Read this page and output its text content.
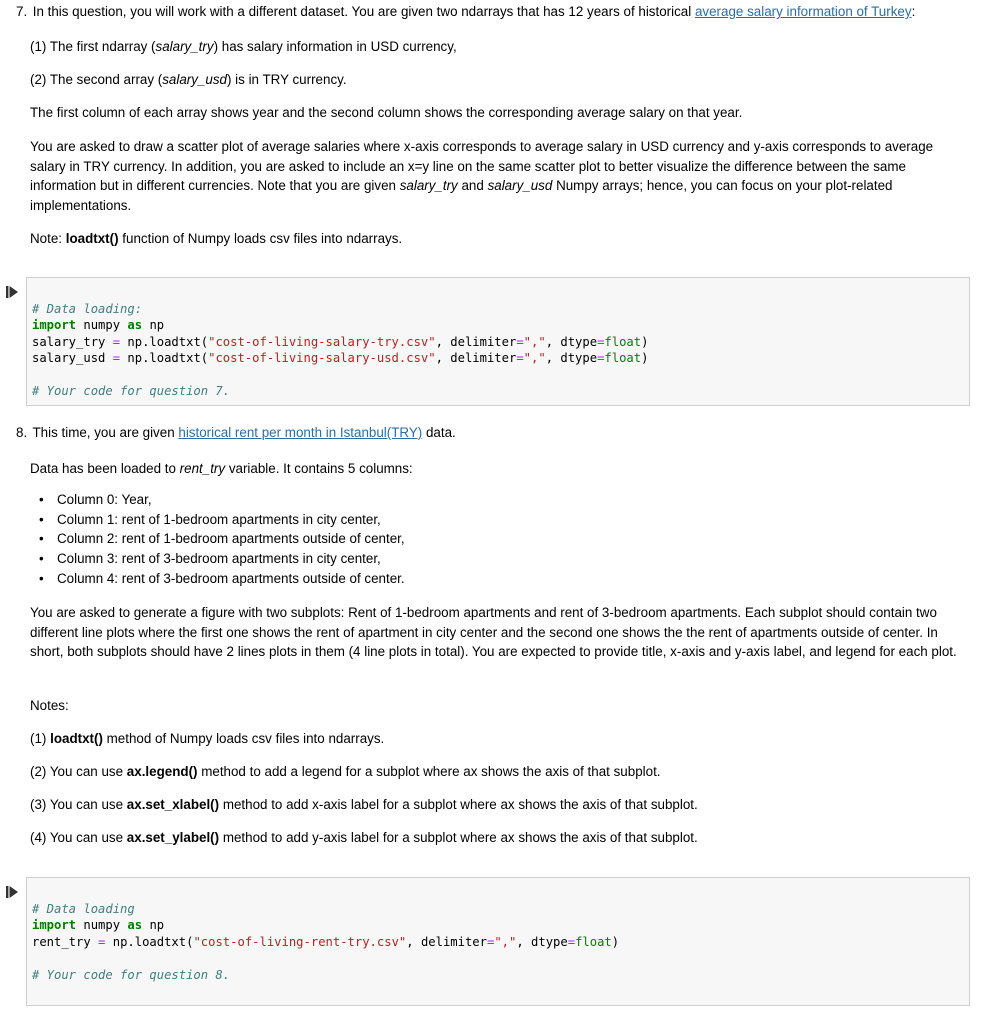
7. In this question, you will work with a different dataset. You are given two ndarrays that has 12 years of historical average salary information of Turkey:
(1) The first ndarray (salary_try) has salary information in USD currency,
(2) The second array (salary_usd) is in TRY currency.
The first column of each array shows year and the second column shows the corresponding average salary on that year.
You are asked to draw a scatter plot of average salaries where x-axis corresponds to average salary in USD currency and y-axis corresponds to average salary in TRY currency. In addition, you are asked to include an x=y line on the same scatter plot to better visualize the difference between the same information but in different currencies. Note that you are given salary_try and salary_usd Numpy arrays; hence, you can focus on your plot-related implementations.
Note: loadtxt() function of Numpy loads csv files into ndarrays.

# Data loading:
import numpy as np
salary_try = np.loadtxt("cost-of-living-salary-try.csv", delimiter=",", dtype=float)
salary_usd = np.loadtxt("cost-of-living-salary-usd.csv", delimiter=",", dtype=float)
# Your code for question 7.
8. This time, you are given historical rent per month in Istanbul(TRY) data.
Data has been loaded to rent_try variable. It contains 5 columns:
• Column 0: Year,
• Column 1: rent of 1-bedroom apartments in city center,
• Column 2: rent of 1-bedroom apartments outside of center,
• Column 3: rent of 3-bedroom apartments in city center,
• Column 4: rent of 3-bedroom apartments outside of center.
You are asked to generate a figure with two subplots: Rent of 1-bedroom apartments and rent of 3-bedroom apartments. Each subplot should contain two different line plots where the first one shows the rent of apartment in city center and the second one shows the the rent of apartments outside of center. In short, both subplots should have 2 lines plots in them (4 line plots in total). You are expected to provide title, x-axis and y-axis label, and legend for each plot.
Notes:
(1) loadtxt() method of Numpy loads csv files into ndarrays.
(2) You can use ax.legend() method to add a legend for a subplot where ax shows the axis of that subplot.
(3) You can use ax.set_xlabel() method to add x-axis label for a subplot where ax shows the axis of that subplot.
(4) You can use ax.set_ylabel() method to add y-axis label for a subplot where ax shows the axis of that subplot.

# Data loading
import numpy as np
rent_try = np.loadtxt("cost-of-living-rent-try.csv", delimiter=",", dtype=float)
# Your code for question 8.
